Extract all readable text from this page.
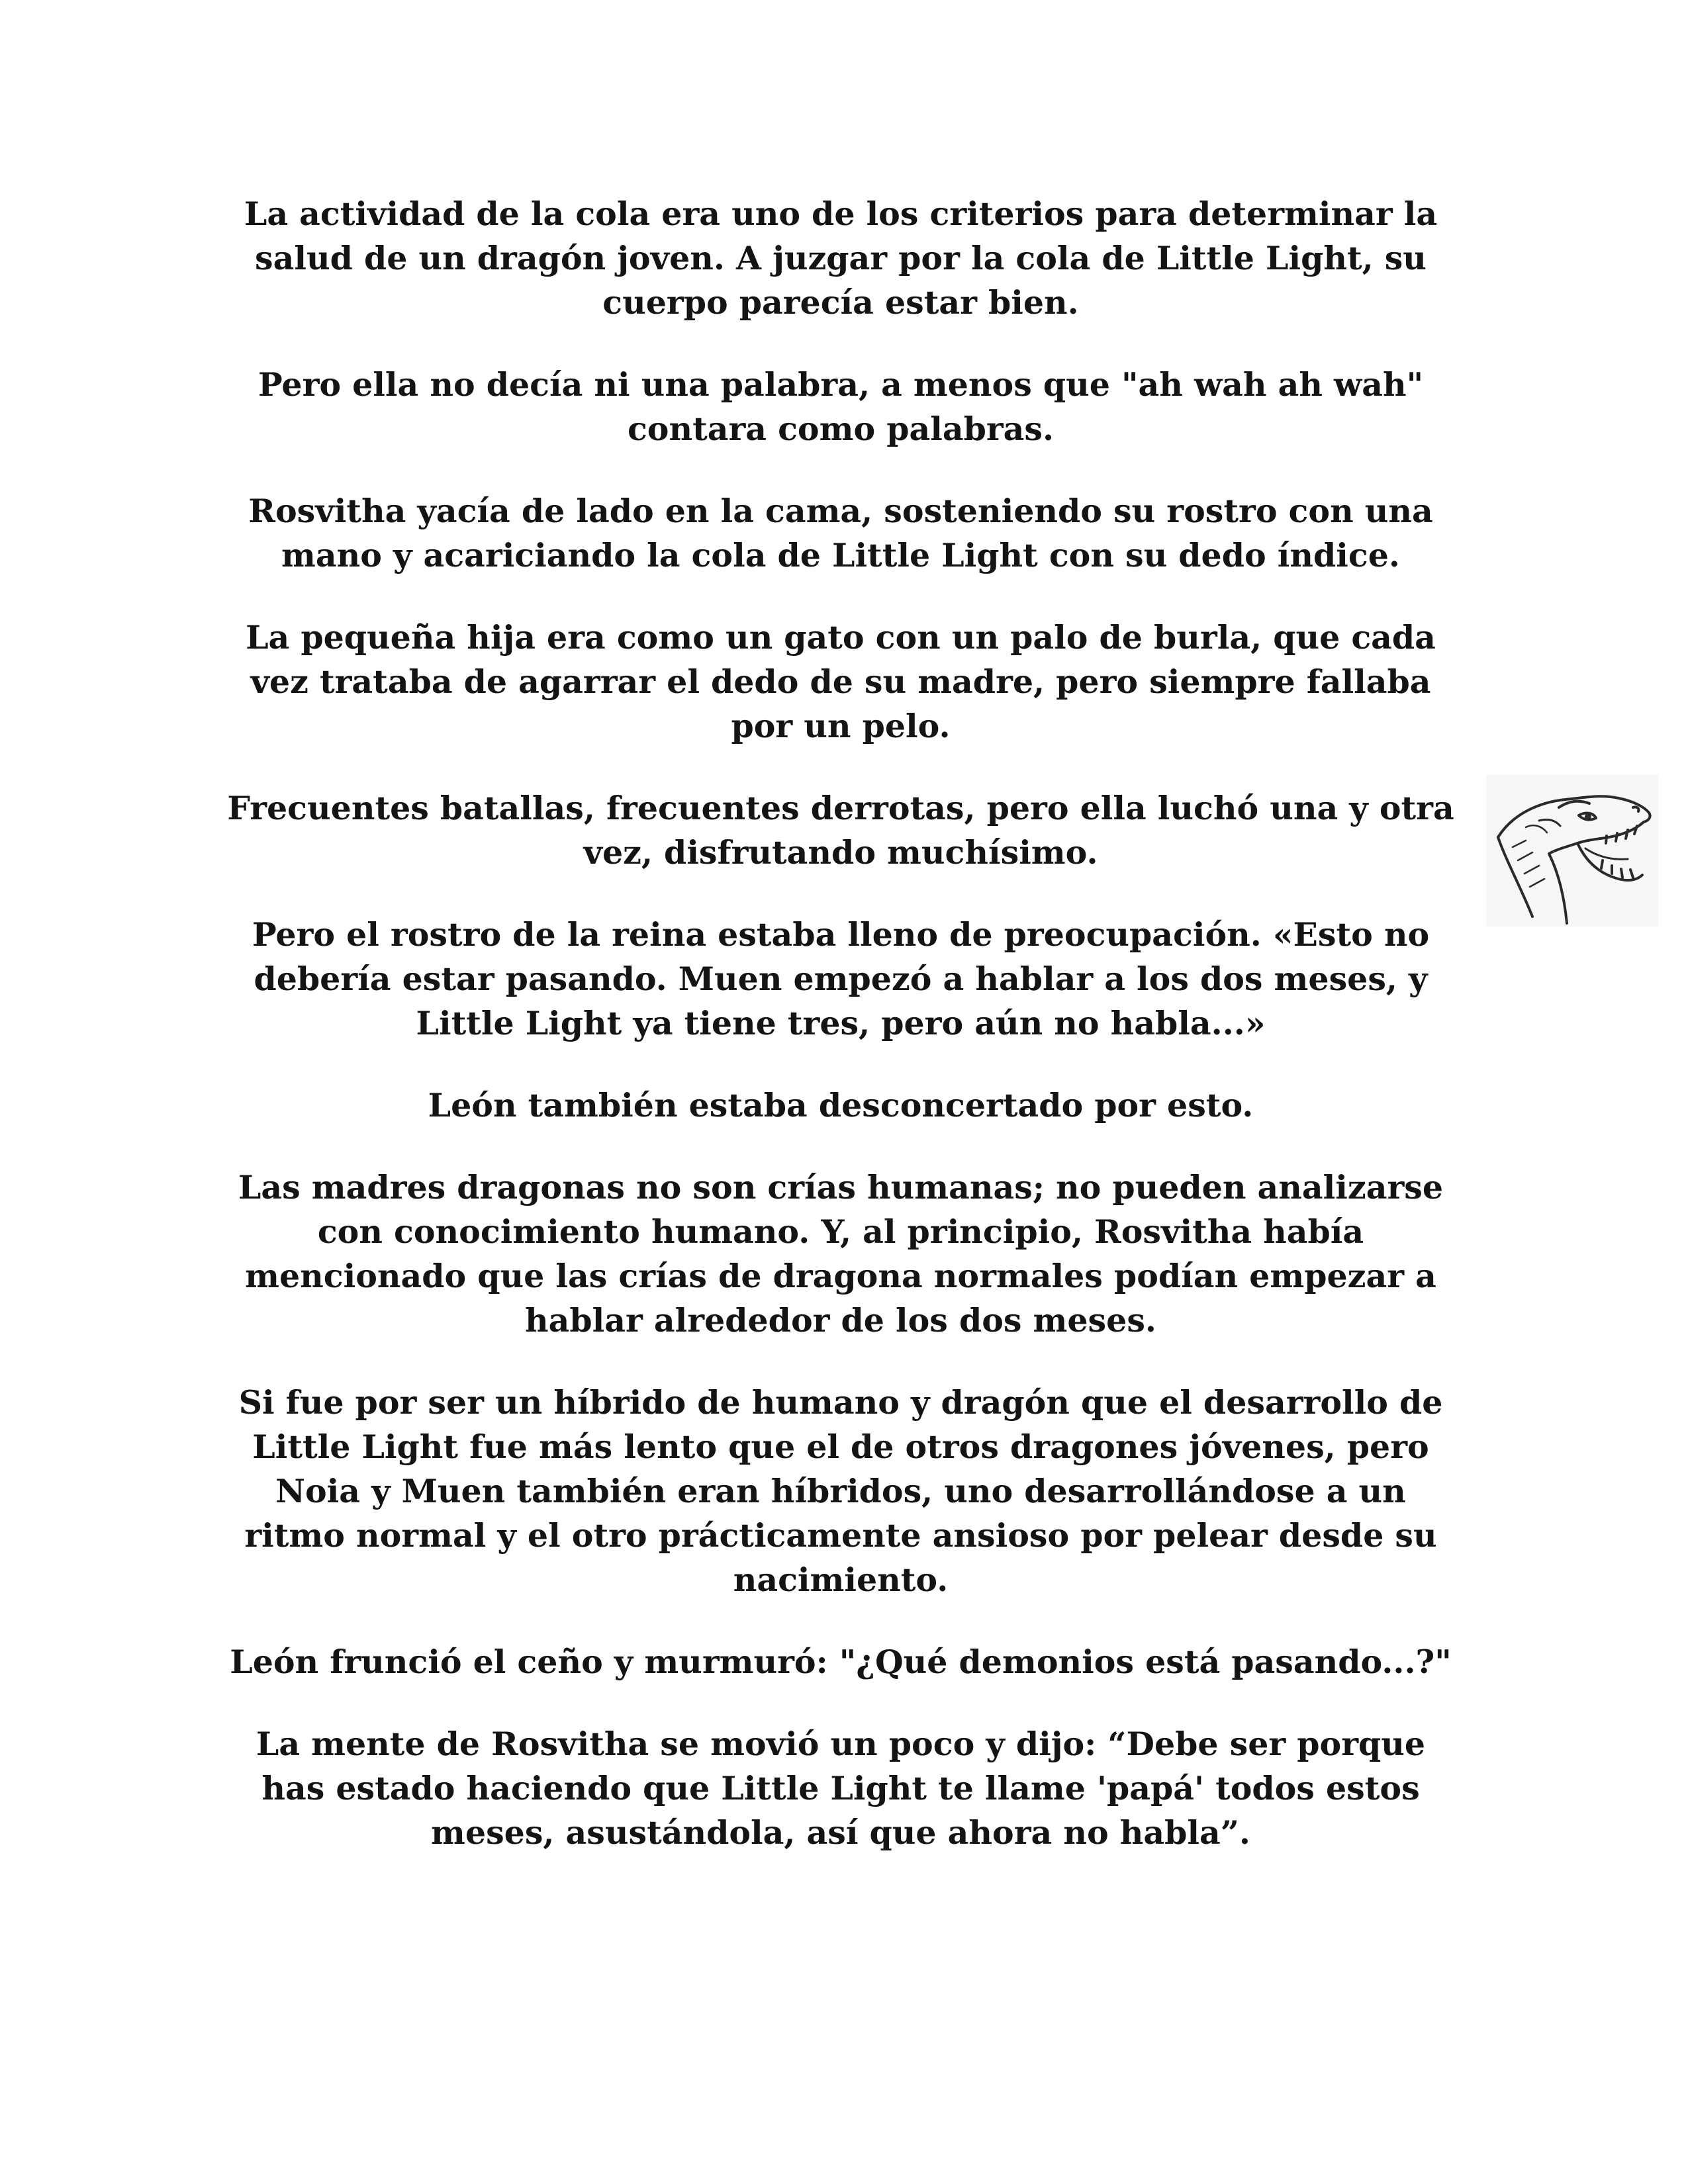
La actividad de la cola era uno de los criterios para determinar la salud de un dragón joven. A juzgar por la cola de Little Light, su cuerpo parecía estar bien.

Pero ella no decía ni una palabra, a menos que "ah wah ah wah" contara como palabras.

Rosvitha yacía de lado en la cama, sosteniendo su rostro con una mano y acariciando la cola de Little Light con su dedo índice.

La pequeña hija era como un gato con un palo de burla, que cada vez trataba de agarrar el dedo de su madre, pero siempre fallaba por un pelo.

Frecuentes batallas, frecuentes derrotas, pero ella luchó una y otra vez, disfrutando muchísimo.

Pero el rostro de la reina estaba lleno de preocupación. «Esto no debería estar pasando. Muen empezó a hablar a los dos meses, y Little Light ya tiene tres, pero aún no habla...»

León también estaba desconcertado por esto.

Las madres dragonas no son crías humanas; no pueden analizarse con conocimiento humano. Y, al principio, Rosvitha había mencionado que las crías de dragona normales podían empezar a hablar alrededor de los dos meses.

Si fue por ser un híbrido de humano y dragón que el desarrollo de Little Light fue más lento que el de otros dragones jóvenes, pero Noia y Muen también eran híbridos, uno desarrollándose a un ritmo normal y el otro prácticamente ansioso por pelear desde su nacimiento.

León frunció el ceño y murmuró: "¿Qué demonios está pasando...?"

La mente de Rosvitha se movió un poco y dijo: “Debe ser porque has estado haciendo que Little Light te llame 'papá' todos estos meses, asustándola, así que ahora no habla”.
